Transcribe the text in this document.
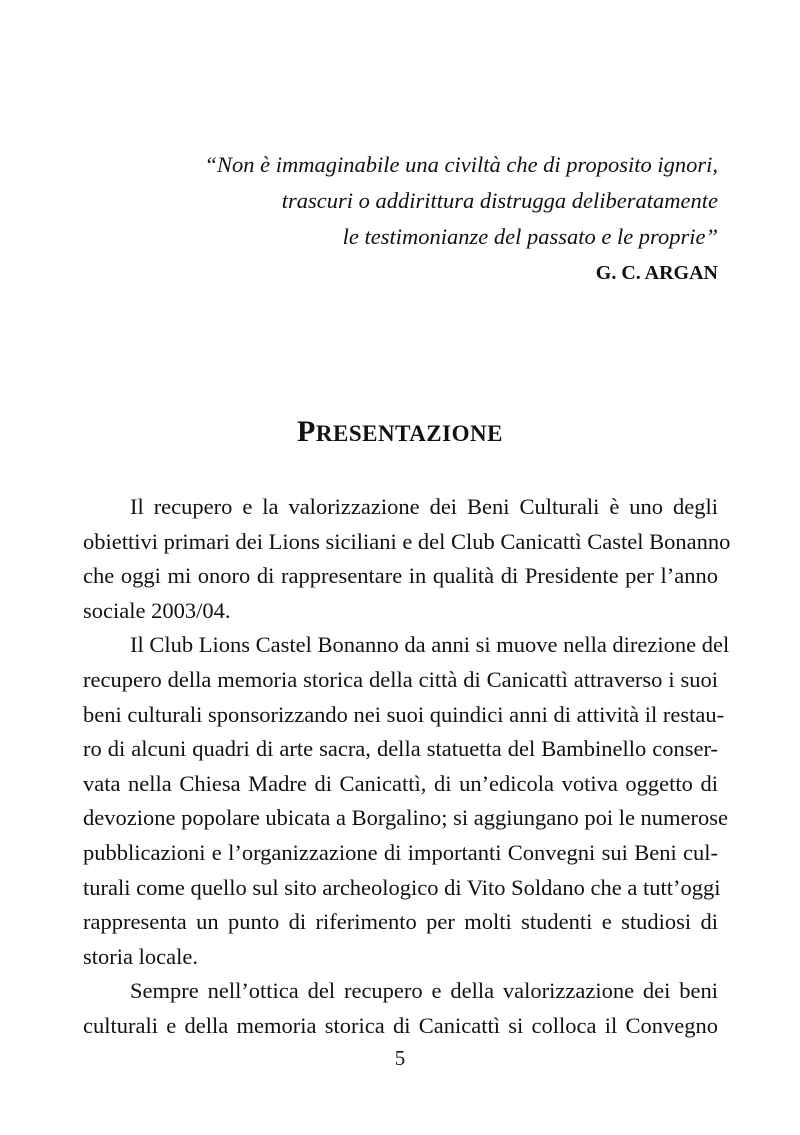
“Non è immaginabile una civiltà che di proposito ignori,
trascuri o addirittura distrugga deliberatamente
le testimonianze del passato e le proprie”
G. C. ARGAN
PRESENTAZIONE
Il recupero e la valorizzazione dei Beni Culturali è uno degli
obiettivi primari dei Lions siciliani e del Club Canicattì Castel Bonanno
che oggi mi onoro di rappresentare in qualità di Presidente per l’anno
sociale 2003/04.
Il Club Lions Castel Bonanno da anni si muove nella direzione del
recupero della memoria storica della città di Canicattì attraverso i suoi
beni culturali sponsorizzando nei suoi quindici anni di attività il restau-
ro di alcuni quadri di arte sacra, della statuetta del Bambinello conser-
vata nella Chiesa Madre di Canicattì, di un’edicola votiva oggetto di
devozione popolare ubicata a Borgalino; si aggiungano poi le numerose
pubblicazioni e l’organizzazione di importanti Convegni sui Beni cul-
turali come quello sul sito archeologico di Vito Soldano che a tutt’oggi
rappresenta un punto di riferimento per molti studenti e studiosi di
storia locale.
Sempre nell’ottica del recupero e della valorizzazione dei beni
culturali e della memoria storica di Canicattì si colloca il Convegno
5
